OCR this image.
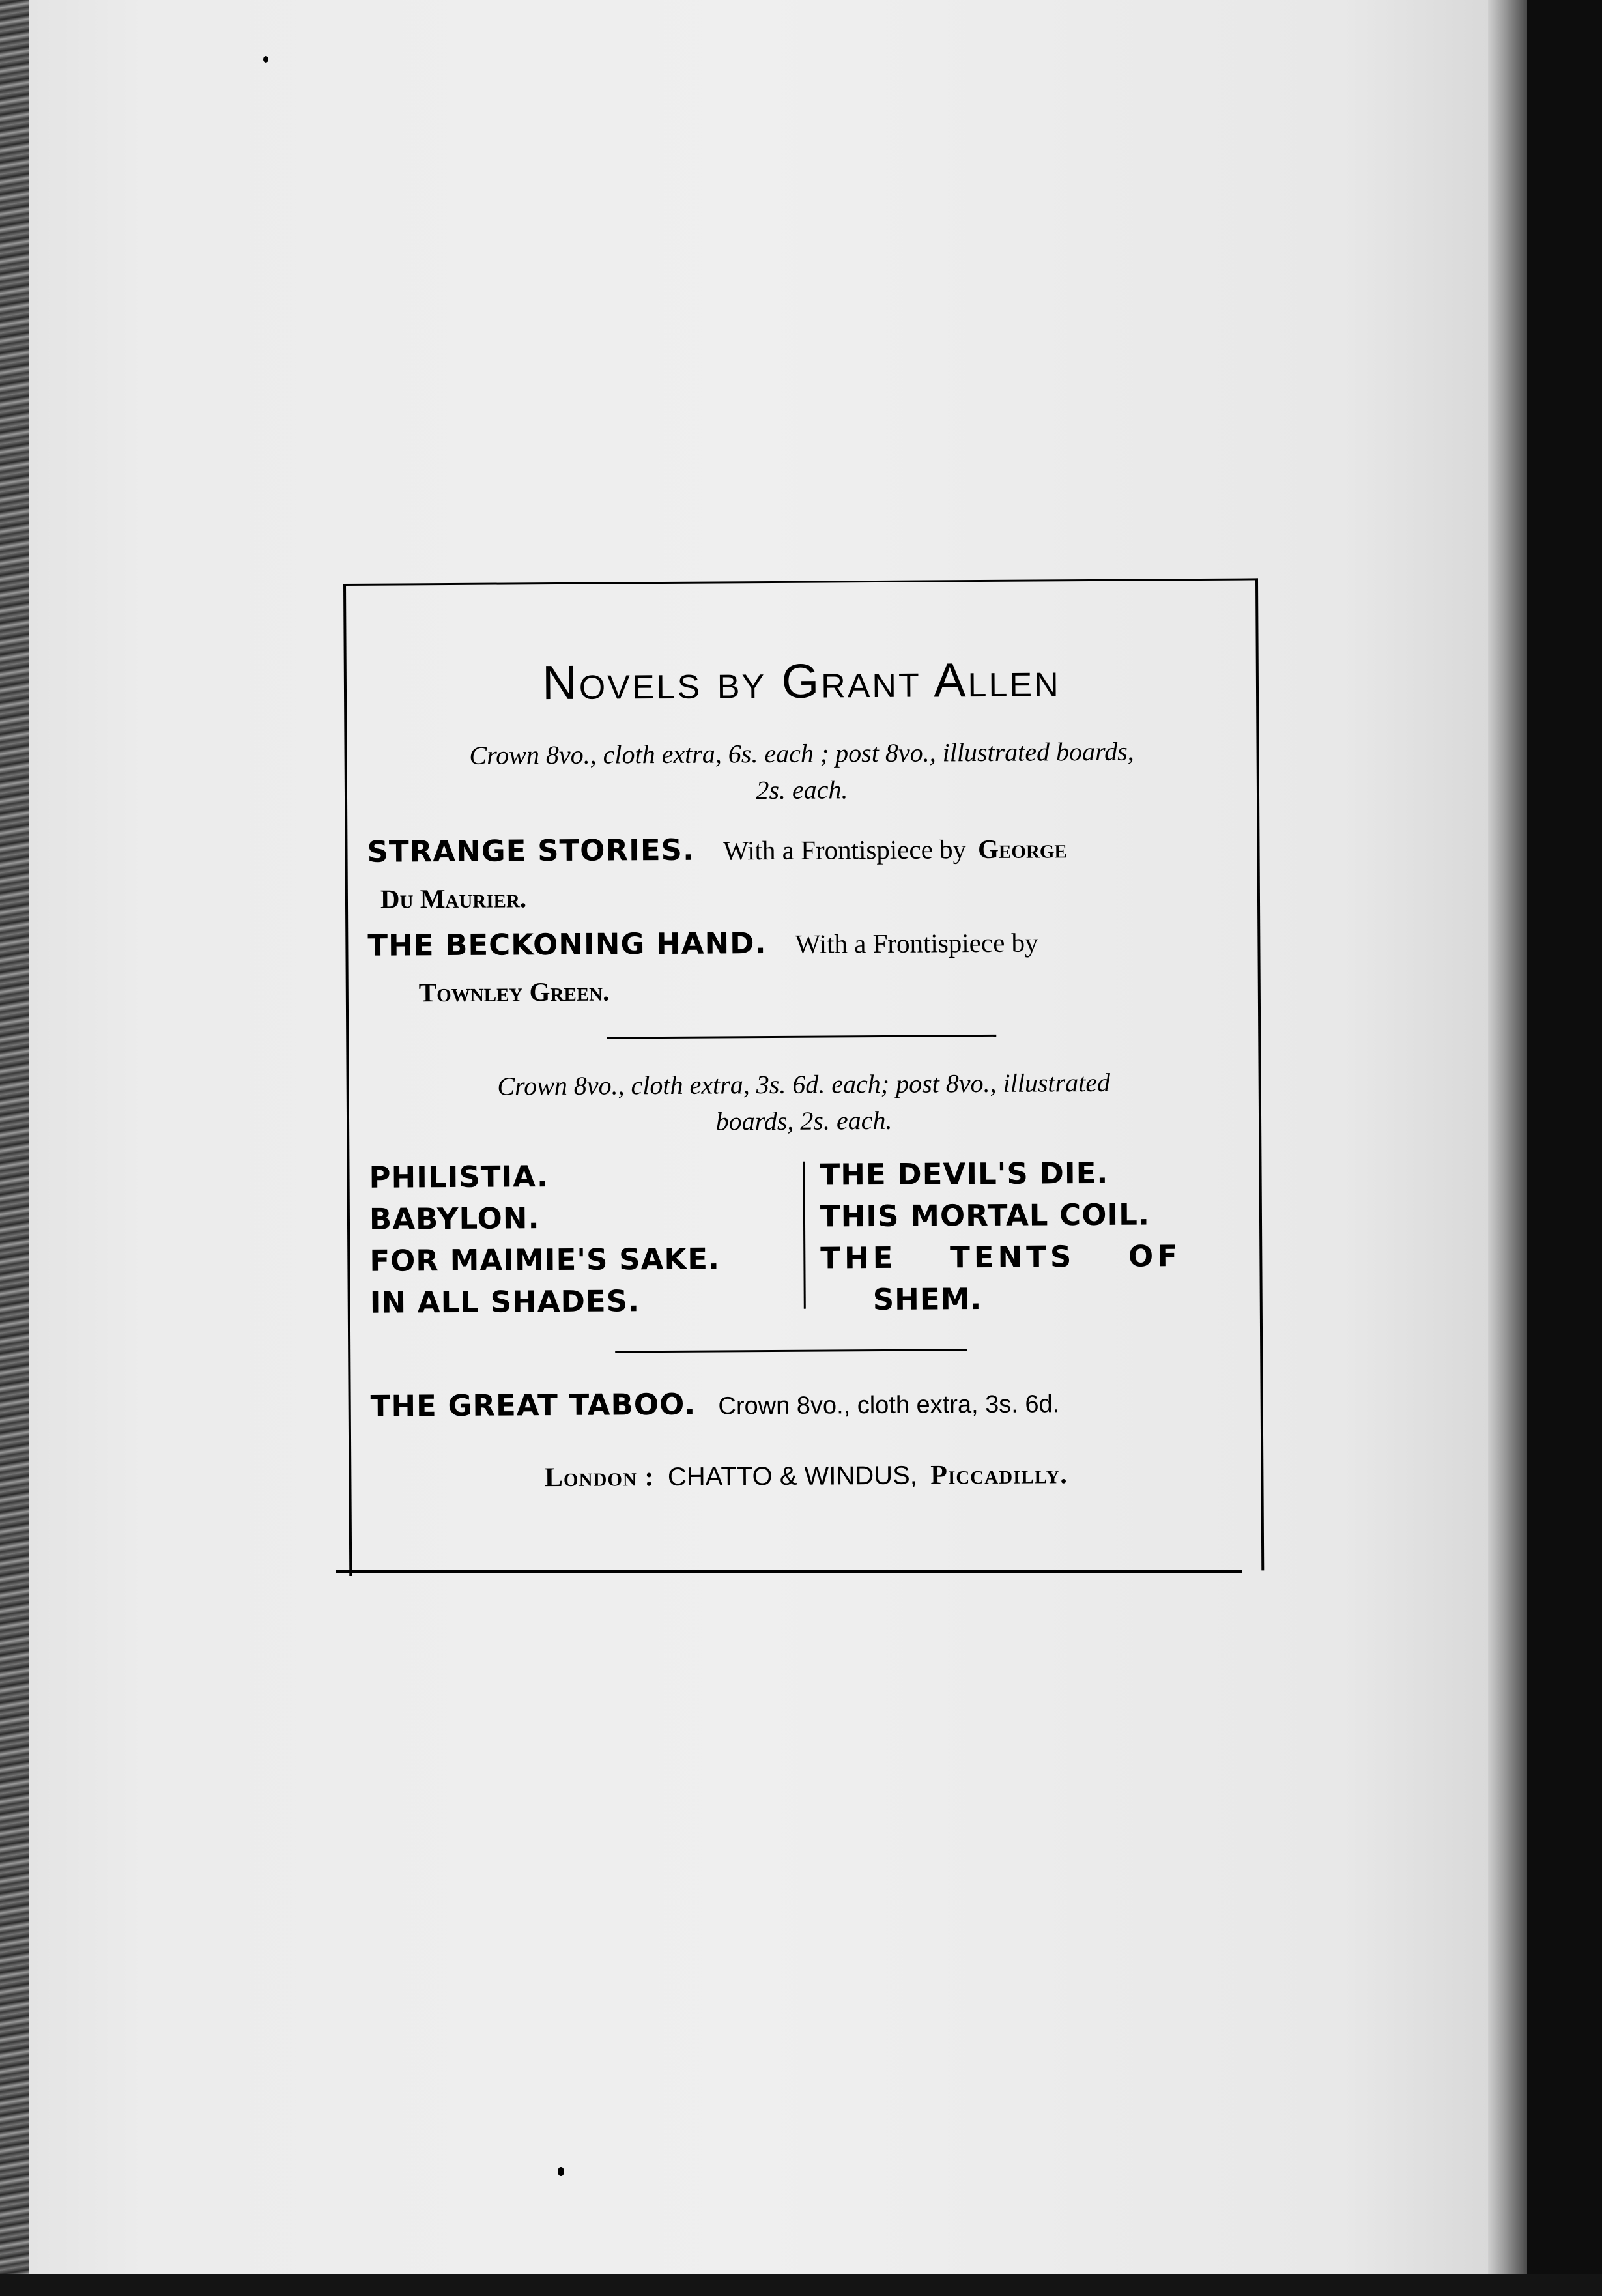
Novels by Grant Allen
Crown 8vo., cloth extra, 6s. each ; post 8vo., illustrated boards,
2s. each.
STRANGE STORIES. With a Frontispiece by George
Du Maurier.
THE BECKONING HAND. With a Frontispiece by
Townley Green.
Crown 8vo., cloth extra, 3s. 6d. each; post 8vo., illustrated
boards, 2s. each.
PHILISTIA.
BABYLON.
FOR MAIMIE'S SAKE.
IN ALL SHADES.
THE DEVIL'S DIE.
THIS MORTAL COIL.
THE TENTS OF
SHEM.
THE GREAT TABOO. Crown 8vo., cloth extra, 3s. 6d.
London : CHATTO & WINDUS, Piccadilly.
